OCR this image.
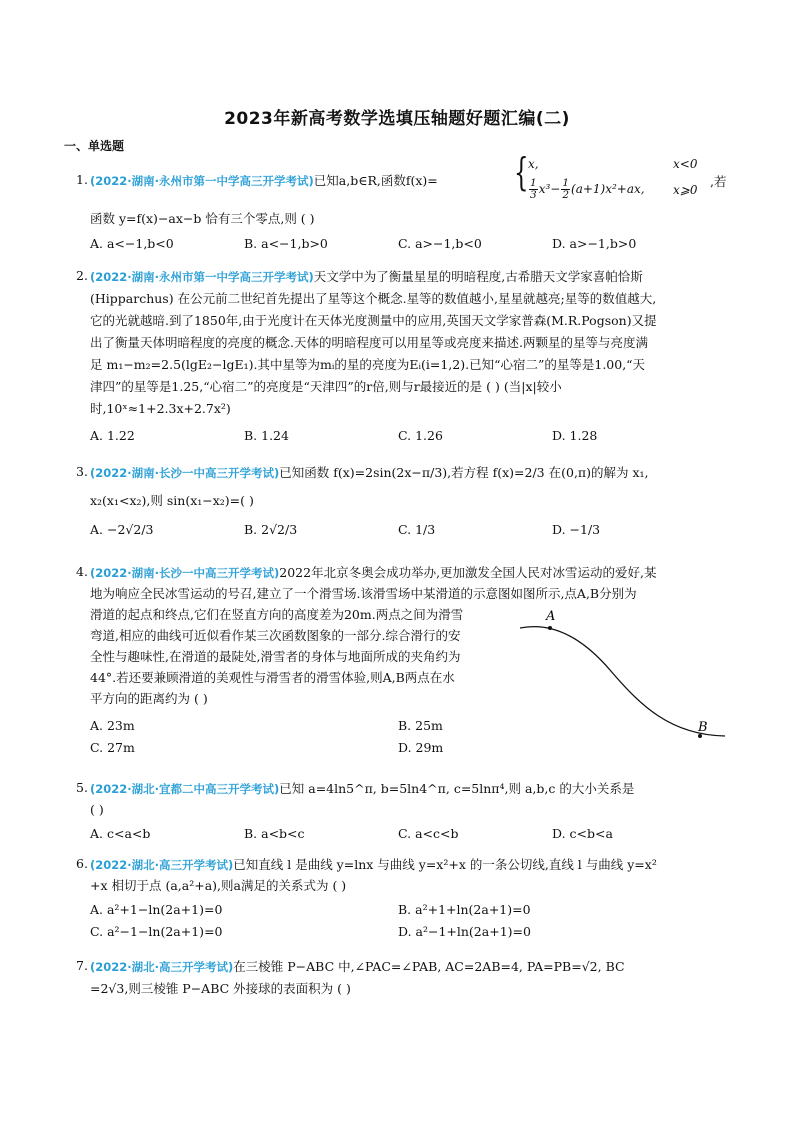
2023年新高考数学选填压轴题好题汇编(二)
一、单选题
1. (2022·湖南·永州市第一中学高三开学考试)已知a,b∈R,函数f(x)= { x,	x<0
$\frac{1}{3} x^3- \frac{1}{2} (a+1)x^2+ax$, x⩾0
,若
函数 y=f(x)−ax−b 恰有三个零点,则 ( )
A. a<−1,b<0	B. a<−1,b>0	C. a>−1,b<0	D. a>−1,b>0
2. (2022·湖南·永州市第一中学高三开学考试)天文学中为了衡量星星的明暗程度,古希腊天文学家喜帕恰斯
(Hipparchus) 在公元前二世纪首先提出了星等这个概念.星等的数值越小,星星就越亮;星等的数值越大,
它的光就越暗.到了1850年,由于光度计在天体光度测量中的应用,英国天文学家普森(M.R.Pogson)又提
出了衡量天体明暗程度的亮度的概念.天体的明暗程度可以用星等或亮度来描述.两颗星的星等与亮度满
足 m₁−m₂=2.5(lgE₂−lgE₁).其中星等为mᵢ的星的亮度为Eᵢ(i=1,2).已知“心宿二”的星等是1.00,“天
津四”的星等是1.25,“心宿二”的亮度是“天津四”的r倍,则与r最接近的是 ( ) (当|x|较小
时,10ˣ≈1+2.3x+2.7x²)
A. 1.22	B. 1.24	C. 1.26	D. 1.28
3. (2022·湖南·长沙一中高三开学考试)已知函数 f(x)=2sin(2x−π/3),若方程 f(x)=2/3 在(0,π)的解为 x₁,
x₂(x₁<x₂),则 sin(x₁−x₂)=( )
A. −2√2/3	B. 2√2/3	C. 1/3	D. −1/3
4. (2022·湖南·长沙一中高三开学考试)2022年北京冬奥会成功举办,更加激发全国人民对冰雪运动的爱好,某
地为响应全民冰雪运动的号召,建立了一个滑雪场.该滑雪场中某滑道的示意图如图所示,点A,B分别为
滑道的起点和终点,它们在竖直方向的高度差为20m.两点之间为滑雪
弯道,相应的曲线可近似看作某三次函数图象的一部分.综合滑行的安
全性与趣味性,在滑道的最陡处,滑雪者的身体与地面所成的夹角约为
44°.若还要兼顾滑道的美观性与滑雪者的滑雪体验,则A,B两点在水
平方向的距离约为 ( )
A. 23m	B. 25m
C. 27m	D. 29m
A
B
5. (2022·湖北·宜都二中高三开学考试)已知 a=4ln5^π, b=5ln4^π, c=5lnπ⁴,则 a,b,c 的大小关系是
( )
A. c<a<b	B. a<b<c	C. a<c<b	D. c<b<a
6. (2022·湖北·高三开学考试)已知直线 l 是曲线 y=lnx 与曲线 y=x²+x 的一条公切线,直线 l 与曲线 y=x²
+x 相切于点 (a,a²+a),则a满足的关系式为 ( )
A. a²+1−ln(2a+1)=0	B. a²+1+ln(2a+1)=0
C. a²−1−ln(2a+1)=0	D. a²−1+ln(2a+1)=0
7. (2022·湖北·高三开学考试)在三棱锥 P−ABC 中,∠PAC=∠PAB, AC=2AB=4, PA=PB=√2, BC
=2√3,则三棱锥 P−ABC 外接球的表面积为 ( )
